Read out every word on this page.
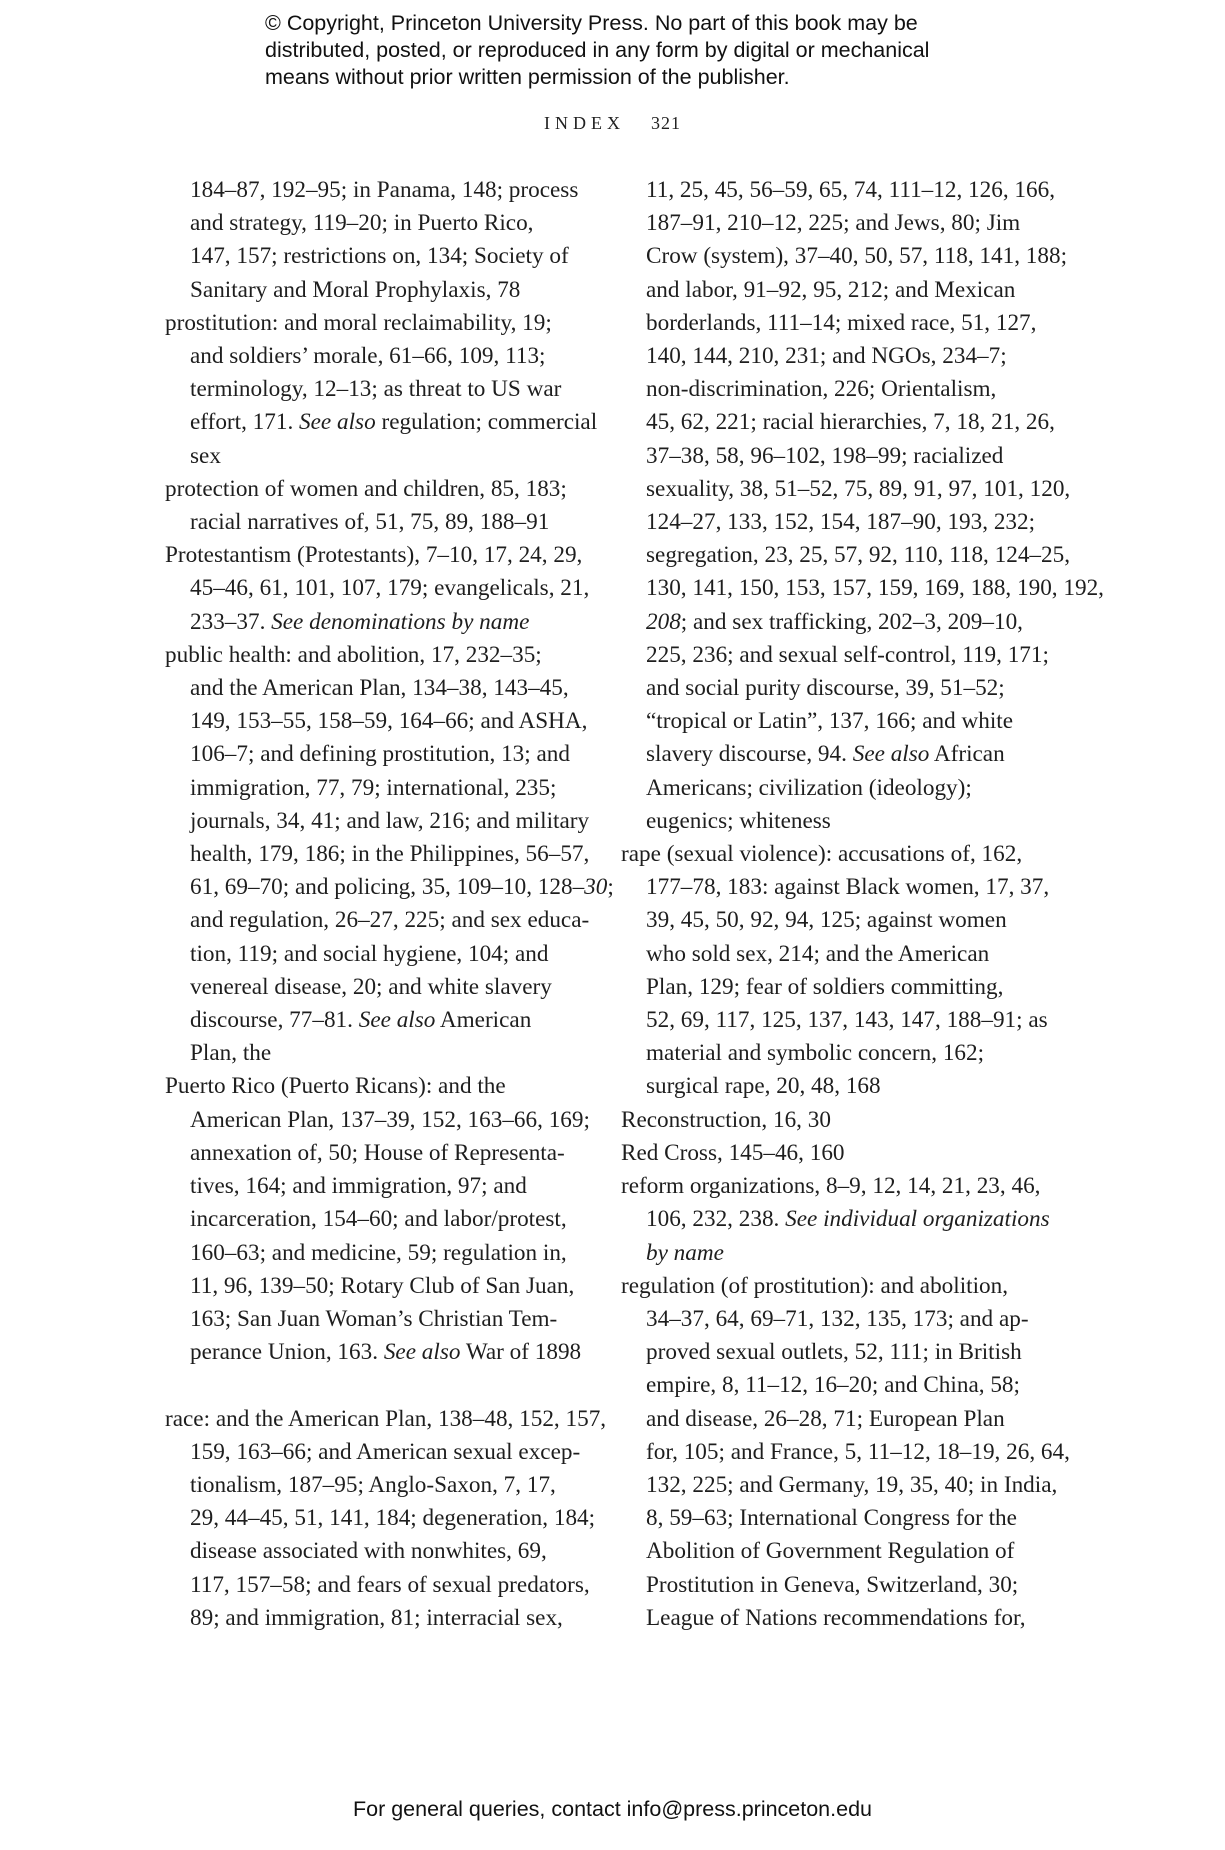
© Copyright, Princeton University Press. No part of this book may be
distributed, posted, or reproduced in any form by digital or mechanical
means without prior written permission of the publisher.
INDEX 321
184–87, 192–95; in Panama, 148; process
and strategy, 119–20; in Puerto Rico,
147, 157; restrictions on, 134; Society of
Sanitary and Moral Prophylaxis, 78
prostitution: and moral reclaimability, 19;
and soldiers’ morale, 61–66, 109, 113;
terminology, 12–13; as threat to US war
effort, 171. See also regulation; commercial
sex
protection of women and children, 85, 183;
racial narratives of, 51, 75, 89, 188–91
Protestantism (Protestants), 7–10, 17, 24, 29,
45–46, 61, 101, 107, 179; evangelicals, 21,
233–37. See denominations by name
public health: and abolition, 17, 232–35;
and the American Plan, 134–38, 143–45,
149, 153–55, 158–59, 164–66; and ASHA,
106–7; and defining prostitution, 13; and
immigration, 77, 79; international, 235;
journals, 34, 41; and law, 216; and military
health, 179, 186; in the Philippines, 56–57,
61, 69–70; and policing, 35, 109–10, 128–30;
and regulation, 26–27, 225; and sex educa-
tion, 119; and social hygiene, 104; and
venereal disease, 20; and white slavery
discourse, 77–81. See also American
Plan, the
Puerto Rico (Puerto Ricans): and the
American Plan, 137–39, 152, 163–66, 169;
annexation of, 50; House of Representa-
tives, 164; and immigration, 97; and
incarceration, 154–60; and labor/protest,
160–63; and medicine, 59; regulation in,
11, 96, 139–50; Rotary Club of San Juan,
163; San Juan Woman’s Christian Tem-
perance Union, 163. See also War of 1898
race: and the American Plan, 138–48, 152, 157,
159, 163–66; and American sexual excep-
tionalism, 187–95; Anglo-Saxon, 7, 17,
29, 44–45, 51, 141, 184; degeneration, 184;
disease associated with nonwhites, 69,
117, 157–58; and fears of sexual predators,
89; and immigration, 81; interracial sex,
11, 25, 45, 56–59, 65, 74, 111–12, 126, 166,
187–91, 210–12, 225; and Jews, 80; Jim
Crow (system), 37–40, 50, 57, 118, 141, 188;
and labor, 91–92, 95, 212; and Mexican
borderlands, 111–14; mixed race, 51, 127,
140, 144, 210, 231; and NGOs, 234–7;
non-discrimination, 226; Orientalism,
45, 62, 221; racial hierarchies, 7, 18, 21, 26,
37–38, 58, 96–102, 198–99; racialized
sexuality, 38, 51–52, 75, 89, 91, 97, 101, 120,
124–27, 133, 152, 154, 187–90, 193, 232;
segregation, 23, 25, 57, 92, 110, 118, 124–25,
130, 141, 150, 153, 157, 159, 169, 188, 190, 192,
208; and sex trafficking, 202–3, 209–10,
225, 236; and sexual self-control, 119, 171;
and social purity discourse, 39, 51–52;
“tropical or Latin”, 137, 166; and white
slavery discourse, 94. See also African
Americans; civilization (ideology);
eugenics; whiteness
rape (sexual violence): accusations of, 162,
177–78, 183: against Black women, 17, 37,
39, 45, 50, 92, 94, 125; against women
who sold sex, 214; and the American
Plan, 129; fear of soldiers committing,
52, 69, 117, 125, 137, 143, 147, 188–91; as
material and symbolic concern, 162;
surgical rape, 20, 48, 168
Reconstruction, 16, 30
Red Cross, 145–46, 160
reform organizations, 8–9, 12, 14, 21, 23, 46,
106, 232, 238. See individual organizations
by name
regulation (of prostitution): and abolition,
34–37, 64, 69–71, 132, 135, 173; and ap-
proved sexual outlets, 52, 111; in British
empire, 8, 11–12, 16–20; and China, 58;
and disease, 26–28, 71; European Plan
for, 105; and France, 5, 11–12, 18–19, 26, 64,
132, 225; and Germany, 19, 35, 40; in India,
8, 59–63; International Congress for the
Abolition of Government Regulation of
Prostitution in Geneva, Switzerland, 30;
League of Nations recommendations for,
For general queries, contact info@press.princeton.edu
